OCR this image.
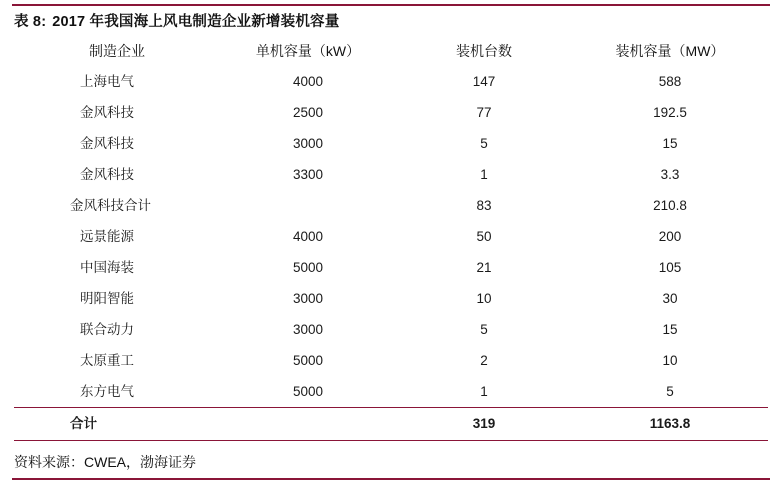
表 8: 2017 年我国海上风电制造企业新增装机容量
制造企业	单机容量（kW）	装机台数	装机容量（MW）
上海电气	4000	147	588
金风科技	2500	77	192.5
金风科技	3000	5	15
金风科技	3300	1	3.3
金风科技合计		83	210.8
远景能源	4000	50	200
中国海装	5000	21	105
明阳智能	3000	10	30
联合动力	3000	5	15
太原重工	5000	2	10
东方电气	5000	1	5
合计		319	1163.8
资料来源：CWEA，渤海证券
